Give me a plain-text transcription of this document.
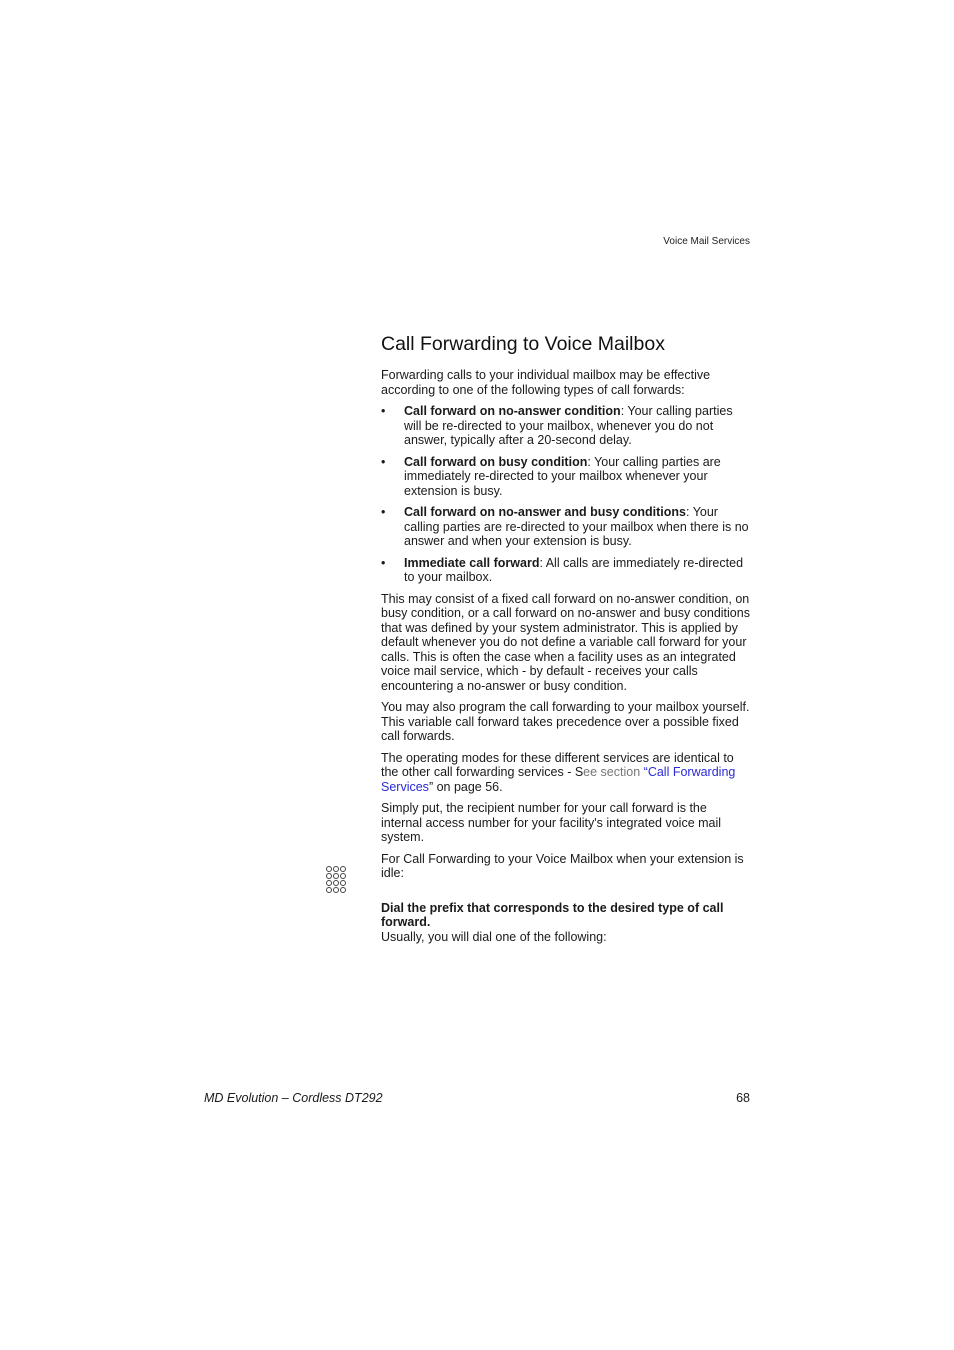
Voice Mail Services
Call Forwarding to Voice Mailbox

Forwarding calls to your individual mailbox may be effective according to one of the following types of call forwards:

• Call forward on no-answer condition: Your calling parties will be re-directed to your mailbox, whenever you do not answer, typically after a 20-second delay.
• Call forward on busy condition: Your calling parties are immediately re-directed to your mailbox whenever your extension is busy.
• Call forward on no-answer and busy conditions: Your calling parties are re-directed to your mailbox when there is no answer and when your extension is busy.
• Immediate call forward: All calls are immediately re-directed to your mailbox.

This may consist of a fixed call forward on no-answer condition, on busy condition, or a call forward on no-answer and busy conditions that was defined by your system administrator. This is applied by default whenever you do not define a variable call forward for your calls. This is often the case when a facility uses as an integrated voice mail service, which - by default - receives your calls encountering a no-answer or busy condition.

You may also program the call forwarding to your mailbox yourself. This variable call forward takes precedence over a possible fixed call forwards.

The operating modes for these different services are identical to the other call forwarding services - See section “Call Forwarding Services” on page 56.

Simply put, the recipient number for your call forward is the internal access number for your facility's integrated voice mail system.

For Call Forwarding to your Voice Mailbox when your extension is idle:

Dial the prefix that corresponds to the desired type of call forward.
Usually, you will dial one of the following:
MD Evolution – Cordless DT292	68
